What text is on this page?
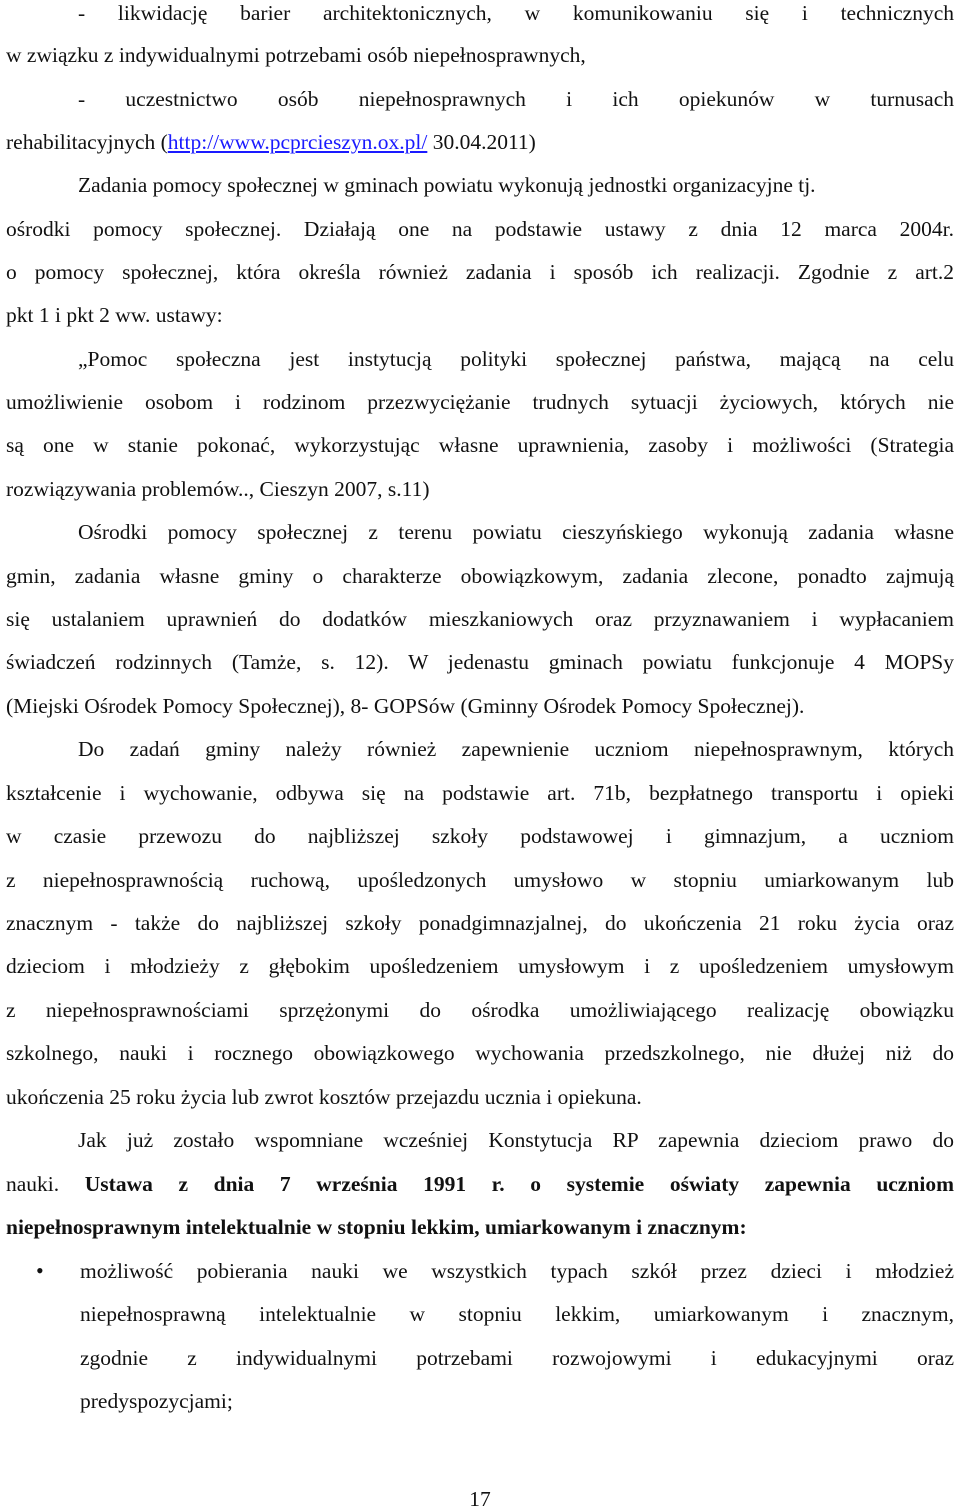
- likwidację barier architektonicznych, w komunikowaniu się i technicznych
w związku z indywidualnymi potrzebami osób niepełnosprawnych,
- uczestnictwo osób niepełnosprawnych i ich opiekunów w turnusach
rehabilitacyjnych (http://www.pcprcieszyn.ox.pl/ 30.04.2011)
Zadania pomocy społecznej w gminach powiatu wykonują jednostki organizacyjne tj.
ośrodki pomocy społecznej. Działają one na podstawie ustawy z dnia 12 marca 2004r.
o pomocy społecznej, która określa również zadania i sposób ich realizacji. Zgodnie z art.2
pkt 1 i pkt 2 ww. ustawy:
„Pomoc społeczna jest instytucją polityki społecznej państwa, mającą na celu
umożliwienie osobom i rodzinom przezwyciężanie trudnych sytuacji życiowych, których nie
są one w stanie pokonać, wykorzystując własne uprawnienia, zasoby i możliwości (Strategia
rozwiązywania problemów.., Cieszyn 2007, s.11)
Ośrodki pomocy społecznej z terenu powiatu cieszyńskiego wykonują zadania własne
gmin, zadania własne gminy o charakterze obowiązkowym, zadania zlecone, ponadto zajmują
się ustalaniem uprawnień do dodatków mieszkaniowych oraz przyznawaniem i wypłacaniem
świadczeń rodzinnych (Tamże, s. 12). W jedenastu gminach powiatu funkcjonuje 4 MOPSy
(Miejski Ośrodek Pomocy Społecznej), 8- GOPSów (Gminny Ośrodek Pomocy Społecznej).
Do zadań gminy należy również zapewnienie uczniom niepełnosprawnym, których
kształcenie i wychowanie, odbywa się na podstawie art. 71b, bezpłatnego transportu i opieki
w czasie przewozu do najbliższej szkoły podstawowej i gimnazjum, a uczniom
z niepełnosprawnością ruchową, upośledzonych umysłowo w stopniu umiarkowanym lub
znacznym - także do najbliższej szkoły ponadgimnazjalnej, do ukończenia 21 roku życia oraz
dzieciom i młodzieży z głębokim upośledzeniem umysłowym i z upośledzeniem umysłowym
z niepełnosprawnościami sprzężonymi do ośrodka umożliwiającego realizację obowiązku
szkolnego, nauki i rocznego obowiązkowego wychowania przedszkolnego, nie dłużej niż do
ukończenia 25 roku życia lub zwrot kosztów przejazdu ucznia i opiekuna.
Jak już zostało wspomniane wcześniej Konstytucja RP zapewnia dzieciom prawo do
nauki. Ustawa z dnia 7 września 1991 r. o systemie oświaty zapewnia uczniom
niepełnosprawnym intelektualnie w stopniu lekkim, umiarkowanym i znacznym:
•	możliwość pobierania nauki we wszystkich typach szkół przez dzieci i młodzież
niepełnosprawną intelektualnie w stopniu lekkim, umiarkowanym i znacznym,
zgodnie z indywidualnymi potrzebami rozwojowymi i edukacyjnymi oraz
predyspozycjami;
17
